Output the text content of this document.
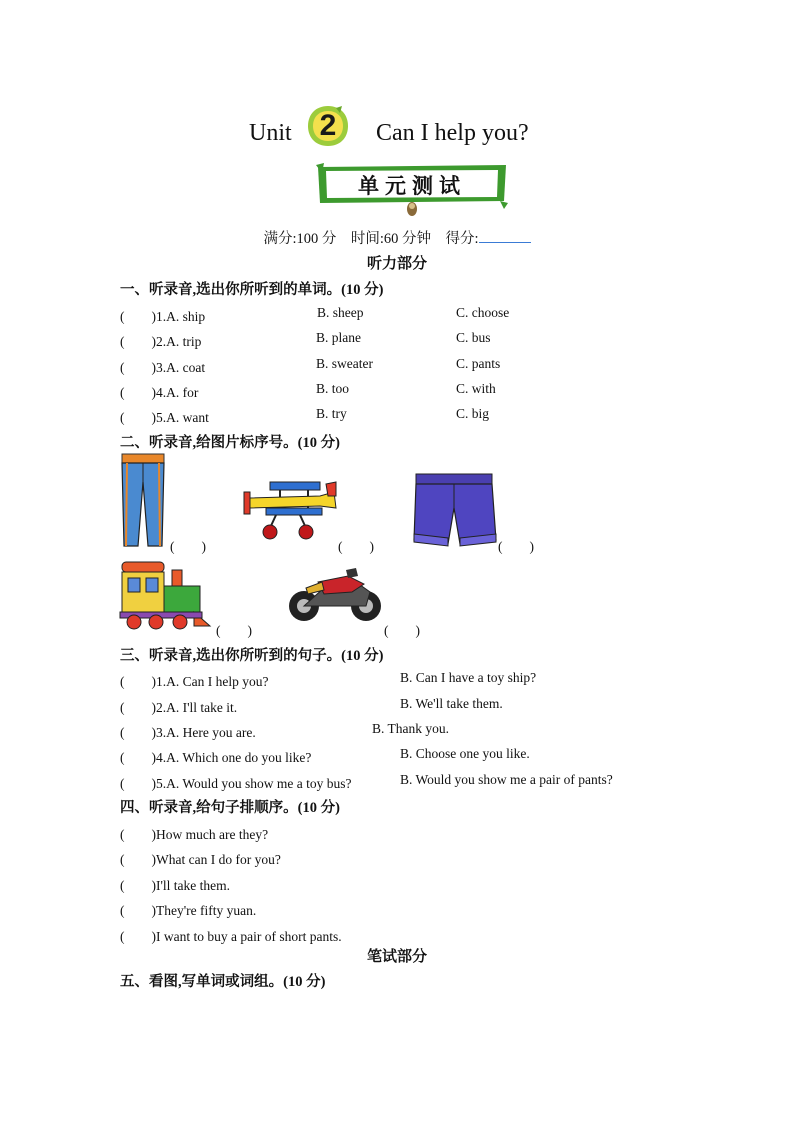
Unit 2	Can I help you?
单元测试
满分:100 分 时间:60 分钟 得分:
听力部分
一、听录音,选出你所听到的单词。(10 分)
(　　)1.A. ship	B. sheep	C. choose
(　　)2.A. trip	B. plane	C. bus
(　　)3.A. coat	B. sweater	C. pants
(　　)4.A. for	B. too	C. with
(　　)5.A. want	B. try	C. big
二、听录音,给图片标序号。(10 分)
(　　)	(　　)	(　　)
(　　)	(　　)
三、听录音,选出你所听到的句子。(10 分)
(　　)1.A. Can I help you?	B. Can I have a toy ship?
(　　)2.A. I'll take it.	B. We'll take them.
(　　)3.A. Here you are.	B. Thank you.
(　　)4.A. Which one do you like?	B. Choose one you like.
(　　)5.A. Would you show me a toy bus?	B. Would you show me a pair of pants?
四、听录音,给句子排顺序。(10 分)
(　　)How much are they?
(　　)What can I do for you?
(　　)I'll take them.
(　　)They're fifty yuan.
(　　)I want to buy a pair of short pants.
笔试部分
五、看图,写单词或词组。(10 分)
